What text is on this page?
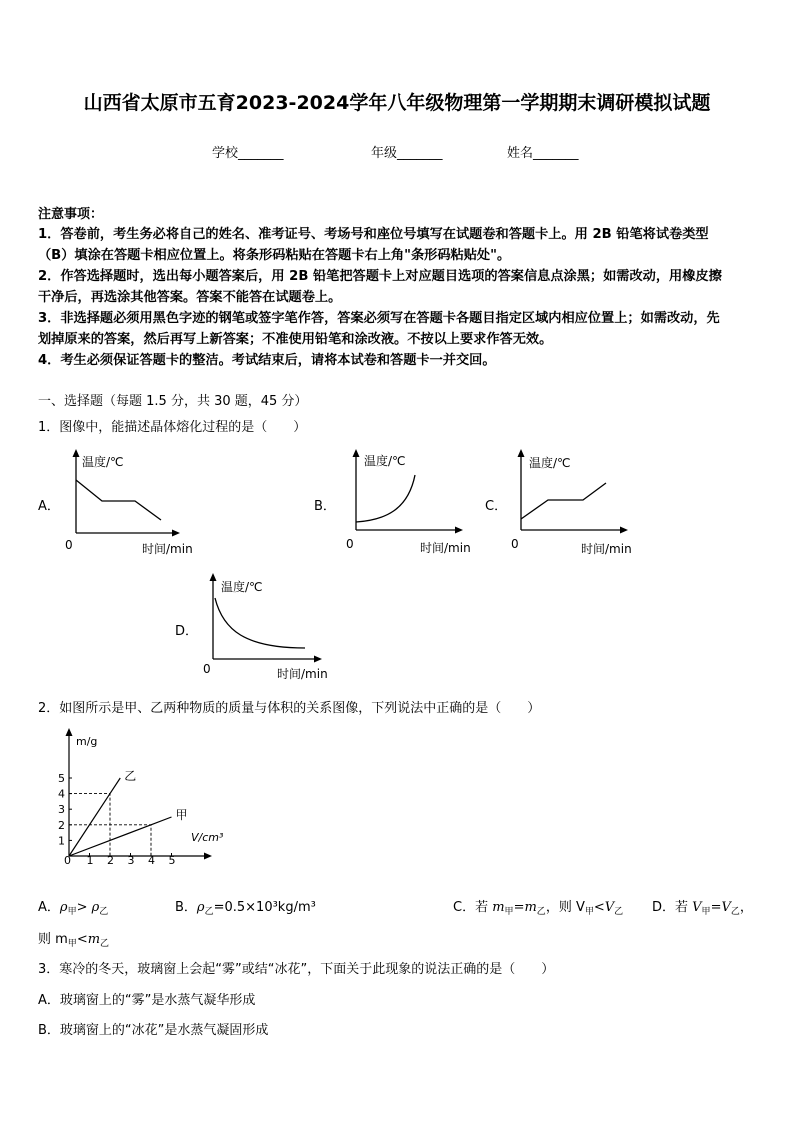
山西省太原市五育2023-2024学年八年级物理第一学期期末调研模拟试题
学校_______	年级_______	姓名_______
注意事项：
1．答卷前，考生务必将自己的姓名、准考证号、考场号和座位号填写在试题卷和答题卡上。用 2B 铅笔将试卷类型
（B）填涂在答题卡相应位置上。将条形码粘贴在答题卡右上角"条形码粘贴处"。
2．作答选择题时，选出每小题答案后，用 2B 铅笔把答题卡上对应题目选项的答案信息点涂黑；如需改动，用橡皮擦
干净后，再选涂其他答案。答案不能答在试题卷上。
3．非选择题必须用黑色字迹的钢笔或签字笔作答，答案必须写在答题卡各题目指定区域内相应位置上；如需改动，先
划掉原来的答案，然后再写上新答案；不准使用铅笔和涂改液。不按以上要求作答无效。
4．考生必须保证答题卡的整洁。考试结束后，请将本试卷和答题卡一并交回。
一、选择题（每题 1.5 分，共 30 题，45 分）
1．图像中，能描述晶体熔化过程的是（　　）
A．
温度/℃
0	时间/min
B．
温度/℃
0	时间/min
C．
温度/℃
0	时间/min
D．
温度/℃
0	时间/min
2．如图所示是甲、乙两种物质的质量与体积的关系图像，下列说法中正确的是（　　）
m/g
V/cm³
0 1 2 3 4 5
1
2
3
4
5	乙
甲
A．$\rho_甲> \rho_乙$	B．$\rho_乙=0.5\times 10^3kg/m^3$	C．若 $m_甲=m_乙$，则 $V_甲<V_乙$ D．若 $V_甲=V_乙$，
则 $m_甲<m_乙$
3．寒冷的冬天，玻璃窗上会起“雾”或结“冰花”，下面关于此现象的说法正确的是（　　）
A．玻璃窗上的“雾”是水蒸气凝华形成
B．玻璃窗上的“冰花”是水蒸气凝固形成
